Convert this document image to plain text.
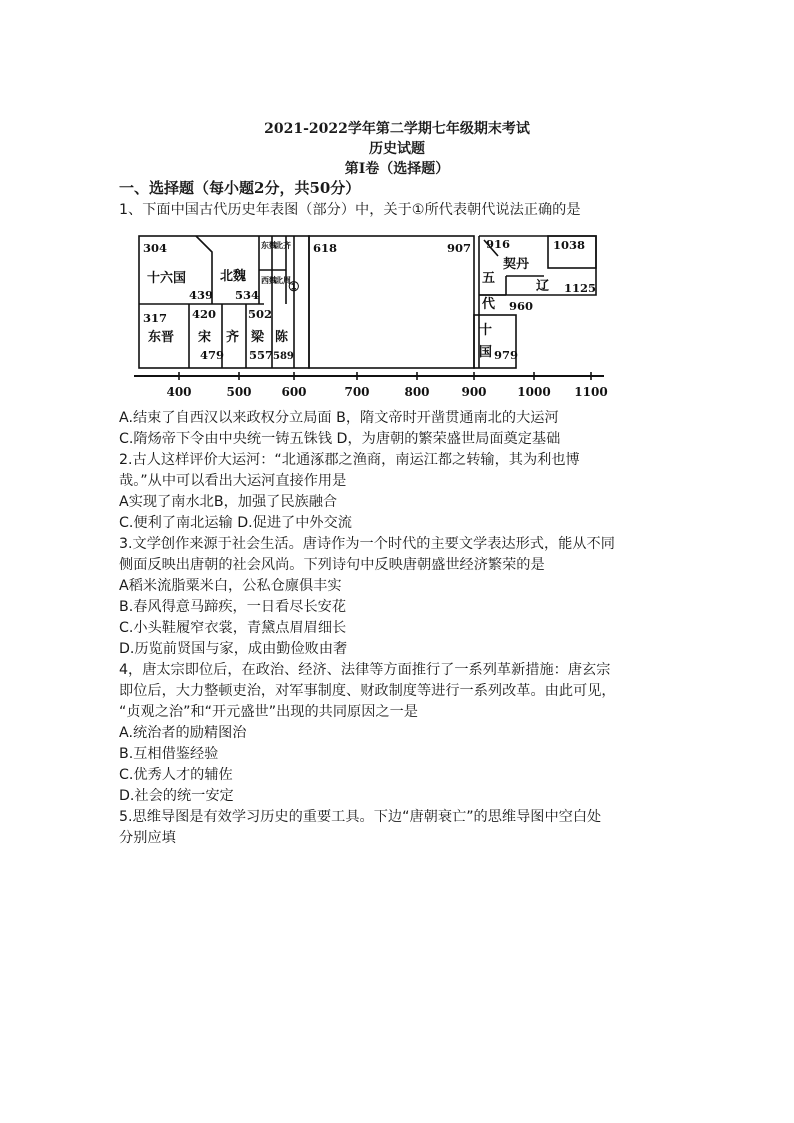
2021-2022学年第二学期七年级期末考试
历史试题
第Ⅰ卷（选择题）
一、选择题（每小题2分，共50分）
1、下面中国古代历史年表图（部分）中，关于①所代表朝代说法正确的是
400	500 600	700	800	900	1000 1100
304
十六国
439
北魏
534
东魏
西魏
北齐
北周
①
618	907
317
东晋
420
宋
479
齐
502
梁
557
陈
589
916
契丹
1038
辽 1125
五
代 960
十
国 979
A.结束了自西汉以来政权分立局面 B，隋文帝时开凿贯通南北的大运河
C.隋炀帝下令由中央统一铸五铢钱 D，为唐朝的繁荣盛世局面奠定基础
2.古人这样评价大运河：“北通涿郡之渔商，南运江都之转输，其为利也博
哉。”从中可以看出大运河直接作用是
A实现了南水北B，加强了民族融合
C.便利了南北运输 D.促进了中外交流
3.文学创作来源于社会生活。唐诗作为一个时代的主要文学表达形式，能从不同
侧面反映出唐朝的社会风尚。下列诗句中反映唐朝盛世经济繁荣的是
A稻米流脂粟米白，公私仓廪俱丰实
B.春风得意马蹄疾，一日看尽长安花
C.小头鞋履窄衣裳，青黛点眉眉细长
D.历览前贤国与家，成由勤俭败由奢
4，唐太宗即位后，在政治、经济、法律等方面推行了一系列革新措施：唐玄宗
即位后，大力整顿吏治，对军事制度、财政制度等进行一系列改革。由此可见，
“贞观之治”和“开元盛世”出现的共同原因之一是
A.统治者的励精图治
B.互相借鉴经验
C.优秀人才的辅佐
D.社会的统一安定
5.思维导图是有效学习历史的重要工具。下边“唐朝衰亡”的思维导图中空白处
分别应填
